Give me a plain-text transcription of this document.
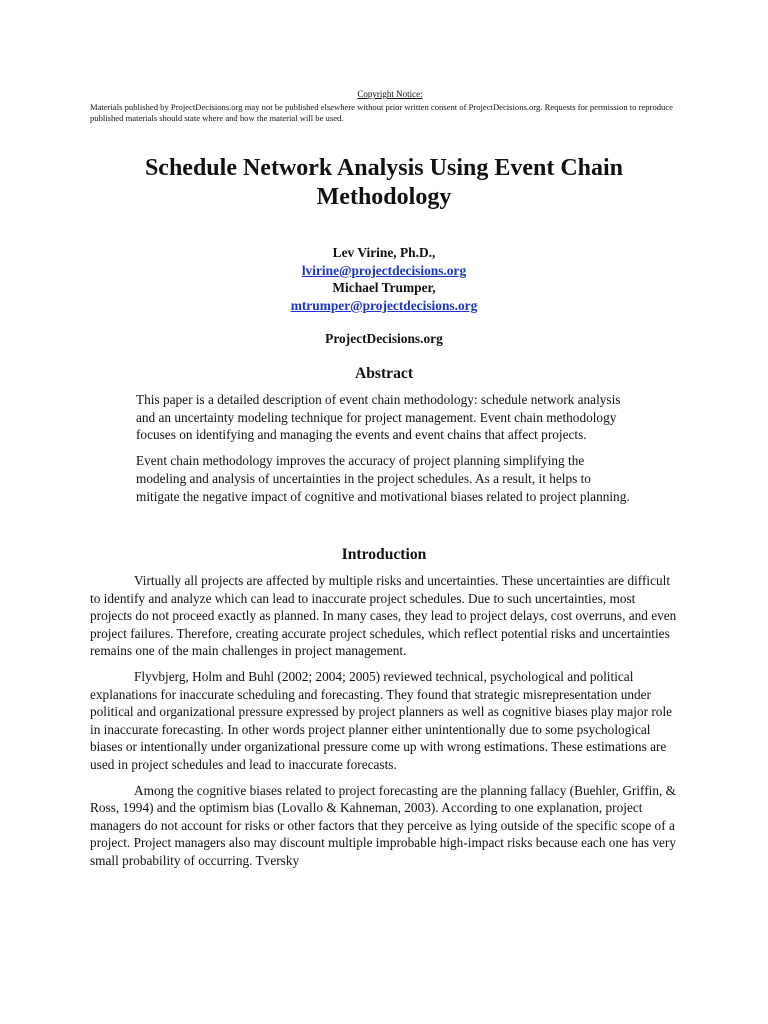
Copyright Notice:

Materials published by ProjectDecisions.org may not be published elsewhere without prior written consent of ProjectDecisions.org. Requests for permission to reproduce published materials should state where and how the material will be used.

Schedule Network Analysis Using Event Chain Methodology
Lev Virine, Ph.D.,
lvirine@projectdecisions.org
Michael Trumper,
mtrumper@projectdecisions.org

ProjectDecisions.org

Abstract

This paper is a detailed description of event chain methodology: schedule network analysis and an uncertainty modeling technique for project management. Event chain methodology focuses on identifying and managing the events and event chains that affect projects.

Event chain methodology improves the accuracy of project planning simplifying the modeling and analysis of uncertainties in the project schedules. As a result, it helps to mitigate the negative impact of cognitive and motivational biases related to project planning.

Introduction

Virtually all projects are affected by multiple risks and uncertainties. These uncertainties are difficult to identify and analyze which can lead to inaccurate project schedules. Due to such uncertainties, most projects do not proceed exactly as planned. In many cases, they lead to project delays, cost overruns, and even project failures. Therefore, creating accurate project schedules, which reflect potential risks and uncertainties remains one of the main challenges in project management.

Flyvbjerg, Holm and Buhl (2002; 2004; 2005) reviewed technical, psychological and political explanations for inaccurate scheduling and forecasting. They found that strategic misrepresentation under political and organizational pressure expressed by project planners as well as cognitive biases play major role in inaccurate forecasting. In other words project planner either unintentionally due to some psychological biases or intentionally under organizational pressure come up with wrong estimations. These estimations are used in project schedules and lead to inaccurate forecasts.

Among the cognitive biases related to project forecasting are the planning fallacy (Buehler, Griffin, & Ross, 1994) and the optimism bias (Lovallo & Kahneman, 2003). According to one explanation, project managers do not account for risks or other factors that they perceive as lying outside of the specific scope of a project. Project managers also may discount multiple improbable high-impact risks because each one has very small probability of occurring. Tversky
